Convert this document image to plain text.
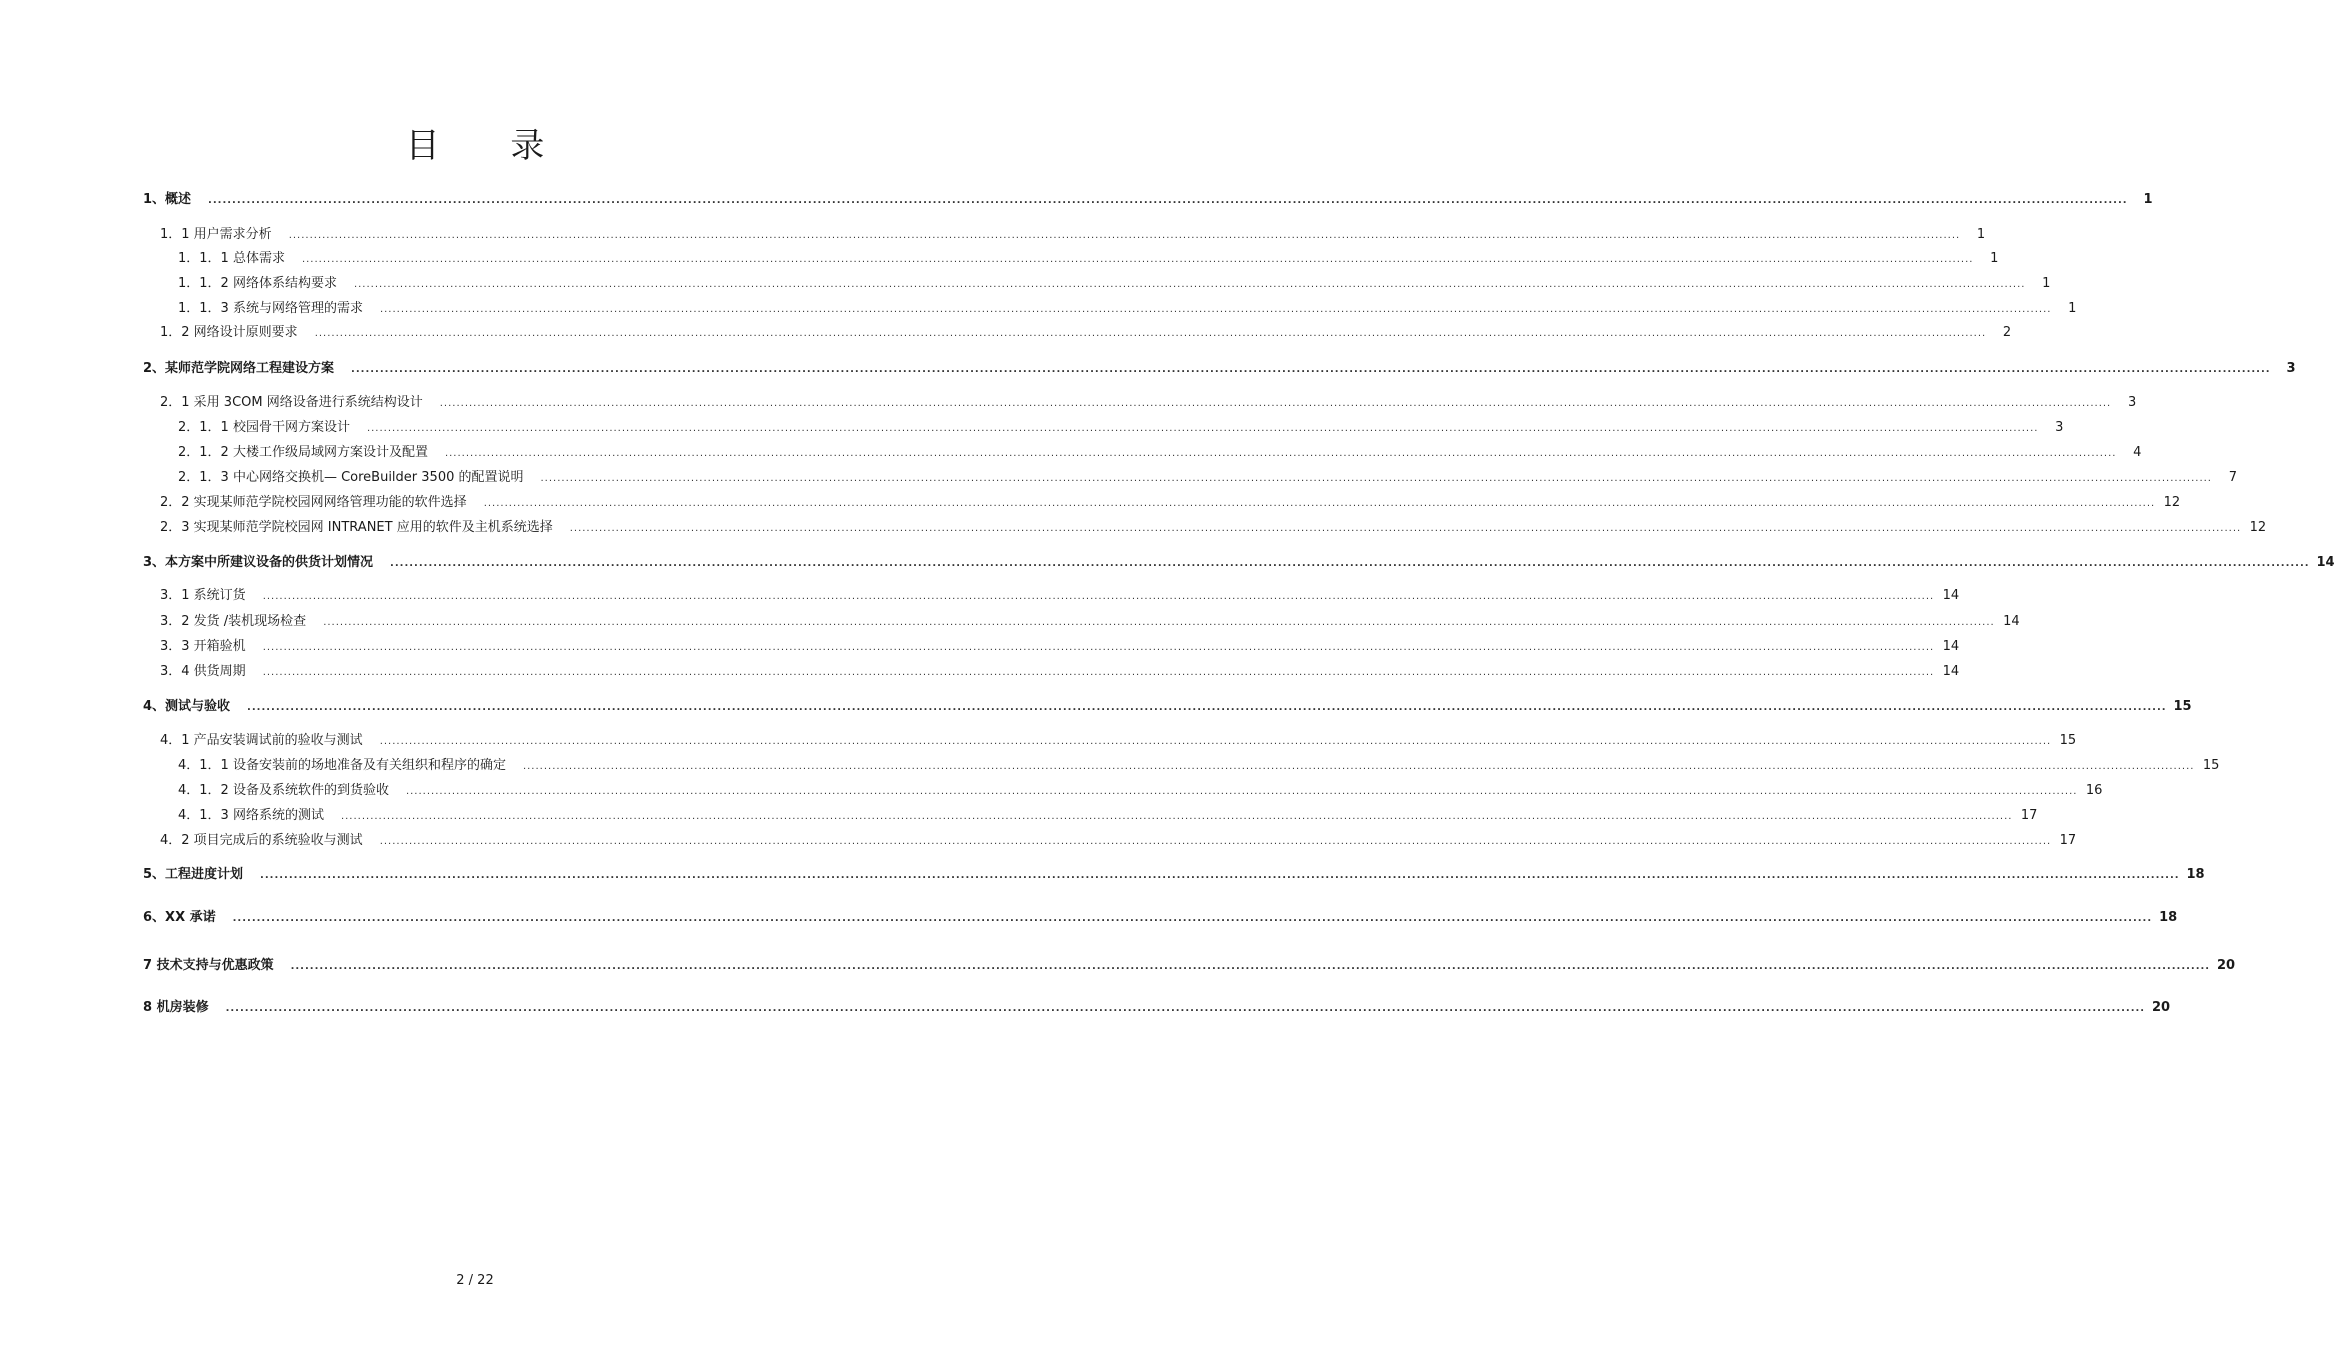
目 录
1、概述	................................................................................................................................................................................................................................................................................................................................................................................................................	1
1．1 用户需求分析	................................................................................................................................................................................................................................................................................................................................................................................................................	1
1．1．1 总体需求	................................................................................................................................................................................................................................................................................................................................................................................................................	1
1．1．2 网络体系结构要求	................................................................................................................................................................................................................................................................................................................................................................................................................	1
1．1．3 系统与网络管理的需求	................................................................................................................................................................................................................................................................................................................................................................................................................	1
1．2 网络设计原则要求	................................................................................................................................................................................................................................................................................................................................................................................................................	2
2、某师范学院网络工程建设方案	................................................................................................................................................................................................................................................................................................................................................................................................................	3
2．1 采用 3COM 网络设备进行系统结构设计	................................................................................................................................................................................................................................................................................................................................................................................................................	3
2．1．1 校园骨干网方案设计	................................................................................................................................................................................................................................................................................................................................................................................................................	3
2．1．2 大楼工作级局域网方案设计及配置	................................................................................................................................................................................................................................................................................................................................................................................................................	4
2．1．3 中心网络交换机— CoreBuilder 3500 的配置说明	................................................................................................................................................................................................................................................................................................................................................................................................................	7
2．2 实现某师范学院校园网网络管理功能的软件选择	................................................................................................................................................................................................................................................................................................................................................................................................................ 12
2．3 实现某师范学院校园网 INTRANET 应用的软件及主机系统选择	................................................................................................................................................................................................................................................................................................................................................................................................................ 12
3、本方案中所建议设备的供货计划情况	................................................................................................................................................................................................................................................................................................................................................................................................................ 14
3．1 系统订货	................................................................................................................................................................................................................................................................................................................................................................................................................ 14
3．2 发货 /装机现场检查	................................................................................................................................................................................................................................................................................................................................................................................................................ 14
3．3 开箱验机	................................................................................................................................................................................................................................................................................................................................................................................................................ 14
3．4 供货周期	................................................................................................................................................................................................................................................................................................................................................................................................................ 14
4、测试与验收	................................................................................................................................................................................................................................................................................................................................................................................................................ 15
4．1 产品安装调试前的验收与测试	................................................................................................................................................................................................................................................................................................................................................................................................................ 15
4．1．1 设备安装前的场地准备及有关组织和程序的确定	................................................................................................................................................................................................................................................................................................................................................................................................................ 15
4．1．2 设备及系统软件的到货验收	................................................................................................................................................................................................................................................................................................................................................................................................................ 16
4．1．3 网络系统的测试	................................................................................................................................................................................................................................................................................................................................................................................................................ 17
4．2 项目完成后的系统验收与测试	................................................................................................................................................................................................................................................................................................................................................................................................................ 17
5、工程进度计划	................................................................................................................................................................................................................................................................................................................................................................................................................ 18
6、XX 承诺	................................................................................................................................................................................................................................................................................................................................................................................................................ 18
7 技术支持与优惠政策	................................................................................................................................................................................................................................................................................................................................................................................................................ 20
8 机房装修	................................................................................................................................................................................................................................................................................................................................................................................................................ 20
2 / 22
